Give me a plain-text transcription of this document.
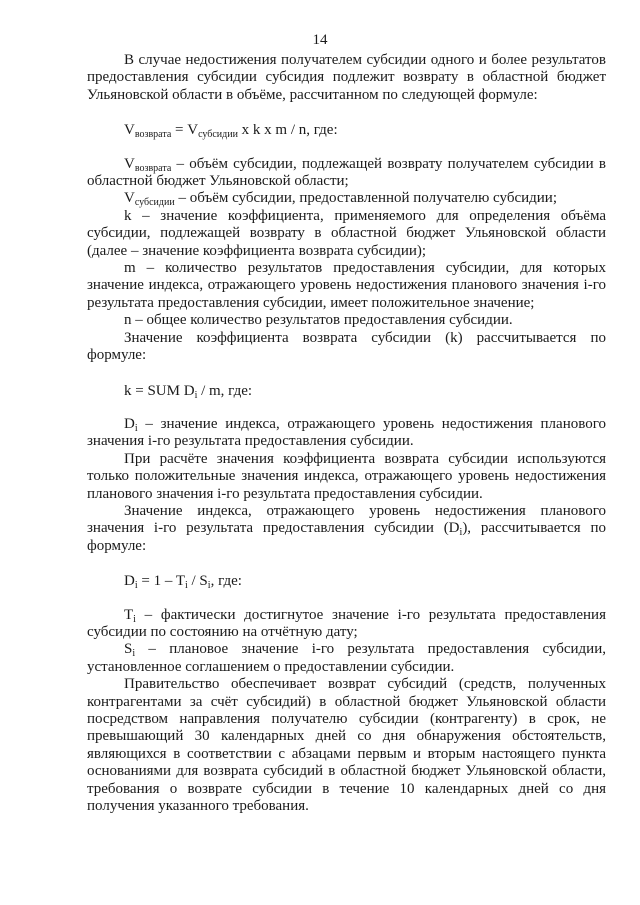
14

В случае недостижения получателем субсидии одного и более результатов предоставления субсидии субсидия подлежит возврату в областной бюджет Ульяновской области в объёме, рассчитанном по следующей формуле:

$V_{возврата} = V_{субсидии}$ x k x m / n, где:

$V_{возврата}$ – объём субсидии, подлежащей возврату получателем субсидии в областной бюджет Ульяновской области;

$V_{субсидии}$ – объём субсидии, предоставленной получателю субсидии;

k – значение коэффициента, применяемого для определения объёма субсидии, подлежащей возврату в областной бюджет Ульяновской области (далее – значение коэффициента возврата субсидии);

m – количество результатов предоставления субсидии, для которых значение индекса, отражающего уровень недостижения планового значения i-го результата предоставления субсидии, имеет положительное значение;

n – общее количество результатов предоставления субсидии.

Значение коэффициента возврата субсидии (k) рассчитывается по формуле:

k = SUM $D_i$ / m, где:

$D_i$ – значение индекса, отражающего уровень недостижения планового значения i-го результата предоставления субсидии.

При расчёте значения коэффициента возврата субсидии используются только положительные значения индекса, отражающего уровень недостижения планового значения i-го результата предоставления субсидии.

Значение индекса, отражающего уровень недостижения планового значения i-го результата предоставления субсидии $(D_i)$, рассчитывается по формуле:

$D_i = 1 - T_i / S_i$, где:

$T_i$ – фактически достигнутое значение i-го результата предоставления субсидии по состоянию на отчётную дату;

$S_i$ – плановое значение i-го результата предоставления субсидии, установленное соглашением о предоставлении субсидии.

Правительство обеспечивает возврат субсидий (средств, полученных контрагентами за счёт субсидий) в областной бюджет Ульяновской области посредством направления получателю субсидии (контрагенту) в срок, не превышающий 30 календарных дней со дня обнаружения обстоятельств, являющихся в соответствии с абзацами первым и вторым настоящего пункта основаниями для возврата субсидий в областной бюджет Ульяновской области, требования о возврате субсидии в течение 10 календарных дней со дня получения указанного требования.
